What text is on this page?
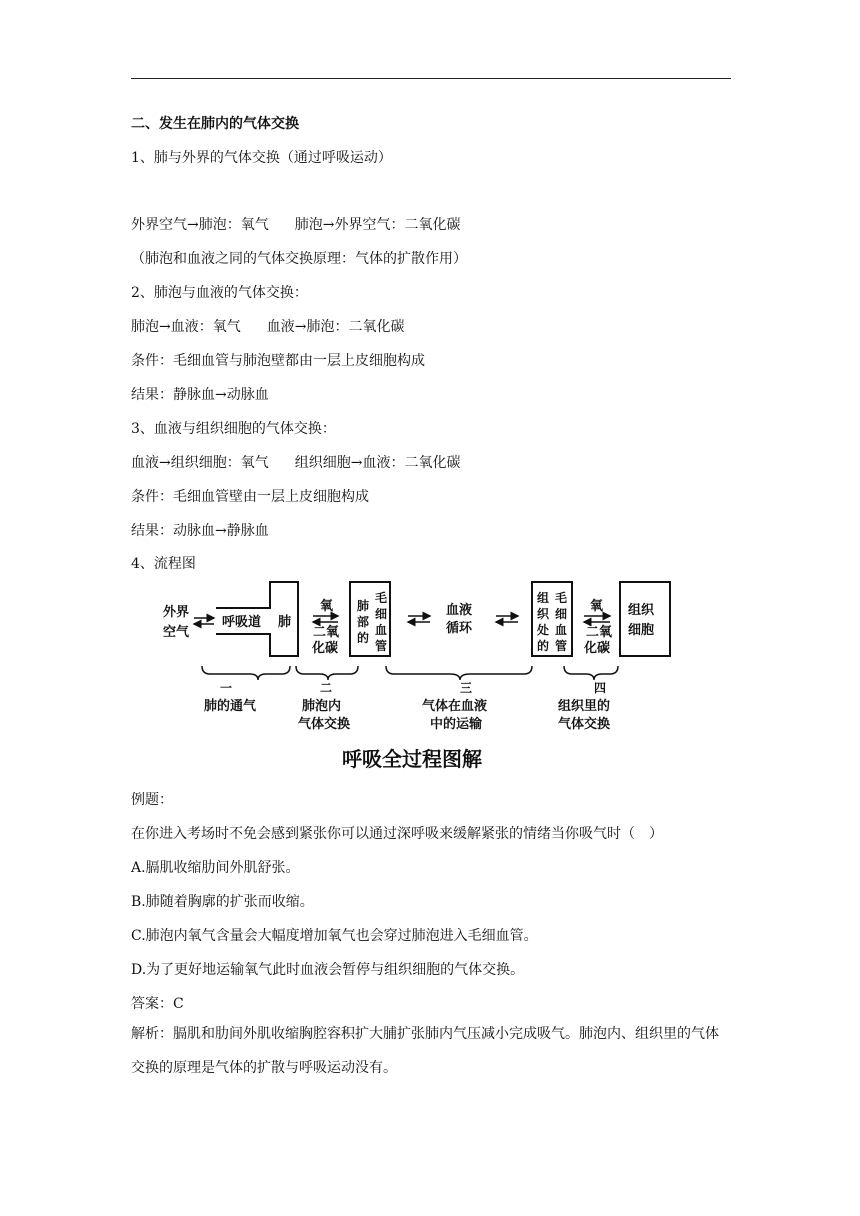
二、发生在肺内的气体交换
1、肺与外界的气体交换（通过呼吸运动）
外界空气→肺泡：氧气 肺泡→外界空气：二氧化碳
（肺泡和血液之同的气体交换原理：气体的扩散作用）
2、肺泡与血液的气体交换：
肺泡→血液：氧气 血液→肺泡：二氧化碳
条件：毛细血管与肺泡壁都由一层上皮细胞构成
结果：静脉血→动脉血
3、血液与组织细胞的气体交换：
血液→组织细胞：氧气 组织细胞→血液：二氧化碳
条件：毛细血管壁由一层上皮细胞构成
结果：动脉血→静脉血
4、流程图
外界
空气
呼吸道 肺
氧
二 氧
化碳
毛
细
血
管
肺
部
的
血液
循环
组
织
处
的
毛
细
血
管
氧
二 氧
化碳
组织
细胞
一
肺的通气
二
肺泡内
气体交换
三
气体在血液
中的运输
四
组织里的
气体交换
呼吸全过程图解
例题：
在你进入考场时不免会感到紧张你可以通过深呼吸来缓解紧张的情绪当你吸气时（　）
A.膈肌收缩肋间外肌舒张。
B.肺随着胸廓的扩张而收缩。
C.肺泡内氧气含量会大幅度增加氧气也会穿过肺泡进入毛细血管。
D.为了更好地运输氧气此时血液会暂停与组织细胞的气体交换。
答案：C
解析：膈肌和肋间外肌收缩胸腔容积扩大脯扩张肺内气压减小完成吸气。肺泡内、组织里的气体交换的原理是气体的扩散与呼吸运动没有。
